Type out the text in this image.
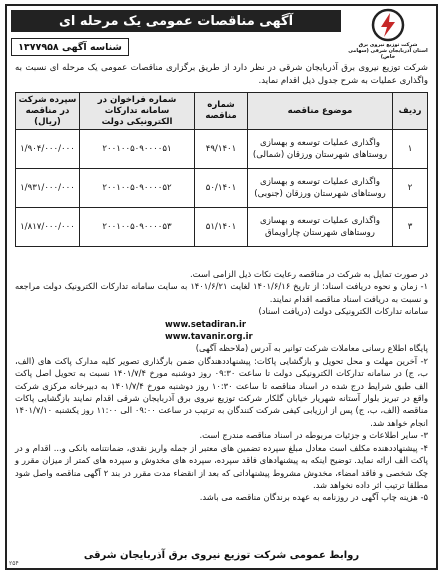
آگهی مناقصات عمومی یک مرحله ای
شناسه آگهی ۱۳۷۷۹۵۸	شرکت توزیع نیروی برق
استان آذربایجان شرقی (سهامی خاص)
شرکت توزیع نیروی برق آذربایجان شرقی در نظر دارد از طریق برگزاری مناقصات عمومی یک مرحله ای نسبت به واگذاری عملیات به شرح جدول ذیل اقدام نماید.
ردیف	موضوع مناقصه	شماره مناقصه	شماره فراخوان در سامانه تدارکات الکترونیکی دولت	سپرده شرکت در مناقصه (ریال)
۱	واگذاری عملیات توسعه و بهسازی روستاهای شهرستان ورزقان (شمالی)	۴۹/۱۴۰۱	۲۰۰۱۰۰۵۰۹۰۰۰۰۵۱	۱/۹۰۴/۰۰۰/۰۰۰
۲	واگذاری عملیات توسعه و بهسازی روستاهای شهرستان ورزقان (جنوبی)	۵۰/۱۴۰۱	۲۰۰۱۰۰۵۰۹۰۰۰۰۵۲	۱/۹۳۱/۰۰۰/۰۰۰
۳	واگذاری عملیات توسعه و بهسازی روستاهای شهرستان چاراویماق	۵۱/۱۴۰۱	۲۰۰۱۰۰۵۰۹۰۰۰۰۵۳	۱/۸۱۷/۰۰۰/۰۰۰

در صورت تمایل به شرکت در مناقصه رعایت نکات ذیل الزامی است.

۱- زمان و نحوه دریافت اسناد: از تاریخ ۱۴۰۱/۶/۱۶ لغایت ۱۴۰۱/۶/۲۱ به سایت سامانه تدارکات الکترونیک دولت مراجعه و نسبت به دریافت اسناد مناقصه اقدام نمایند.

سامانه تدارکات الکترونیکی دولت (دریافت اسناد)

www.setadiran.ir

www.tavanir.org.ir

پایگاه اطلاع رسانی معاملات شرکت توانیر به آدرس (ملاحظه آگهی)

۲- آخرین مهلت و محل تحویل و بازگشایی پاکات: پیشنهاددهندگان ضمن بارگذاری تصویر کلیه مدارک پاکت های (الف، ب، ج) در سامانه تدارکات الکترونیکی دولت تا ساعت ۰۹:۳۰ روز دوشنبه مورخ ۱۴۰۱/۷/۴ نسبت به تحویل اصل پاکت الف طبق شرایط درج شده در اسناد مناقصه تا ساعت ۱۰:۳۰ روز دوشنبه مورخ ۱۴۰۱/۷/۴ به دبیرخانه مرکزی شرکت واقع در تبریز بلوار آستانه شهریار خیابان گلکار شرکت توزیع نیروی برق آذربایجان شرقی اقدام نمایند بازگشایی پاکات مناقصه (الف، ب، ج) پس از ارزیابی کیفی شرکت کنندگان به ترتیب در ساعت ۰۹:۰۰ الی ۱۱:۰۰ روز یکشنبه ۱۴۰۱/۷/۱۰ انجام خواهد شد.

۳- سایر اطلاعات و جزئیات مربوطه در اسناد مناقصه مندرج است.

۴- پیشنهاددهنده مکلف است معادل مبلغ سپرده تضمین های معتبر از جمله واریز نقدی، ضمانتنامه بانکی و... اقدام و در پاکت الف ارائه نماید. توضیح اینکه به پیشنهادهای فاقد سپرده، سپرده های مخدوش و سپرده های کمتر از میزان مقرر و چک شخصی و فاقد امضاء، مخدوش مشروط پیشنهاداتی که بعد از انقضاء مدت مقرر در بند ۲ آگهی مناقصه واصل شود مطلقا ترتیب اثر داده نخواهد شد.

۵- هزینه چاپ آگهی در روزنامه به عهده برندگان مناقصه می باشد.

روابط عمومی شرکت توزیع نیروی برق آذربایجان شرقی
۲۵۴
